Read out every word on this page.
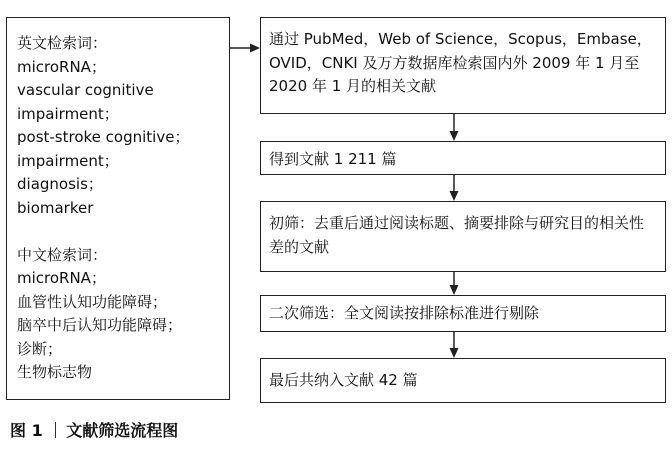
英文检索词：
microRNA；
vascular cognitive
impairment；
post-stroke cognitive；
impairment；
diagnosis；
biomarker
中文检索词：
microRNA；
血管性认知功能障碍；
脑卒中后认知功能障碍；
诊断；
生物标志物
通过 PubMed，Web of Science，Scopus，Embase，OVID，CNKI 及万方数据库检索国内外 2009 年 1 月至 2020 年 1 月的相关文献
得到文献 1 211 篇
初筛：去重后通过阅读标题、摘要排除与研究目的相关性差的文献
二次筛选：全文阅读按排除标准进行剔除
最后共纳入文献 42 篇
图 1 文献筛选流程图
